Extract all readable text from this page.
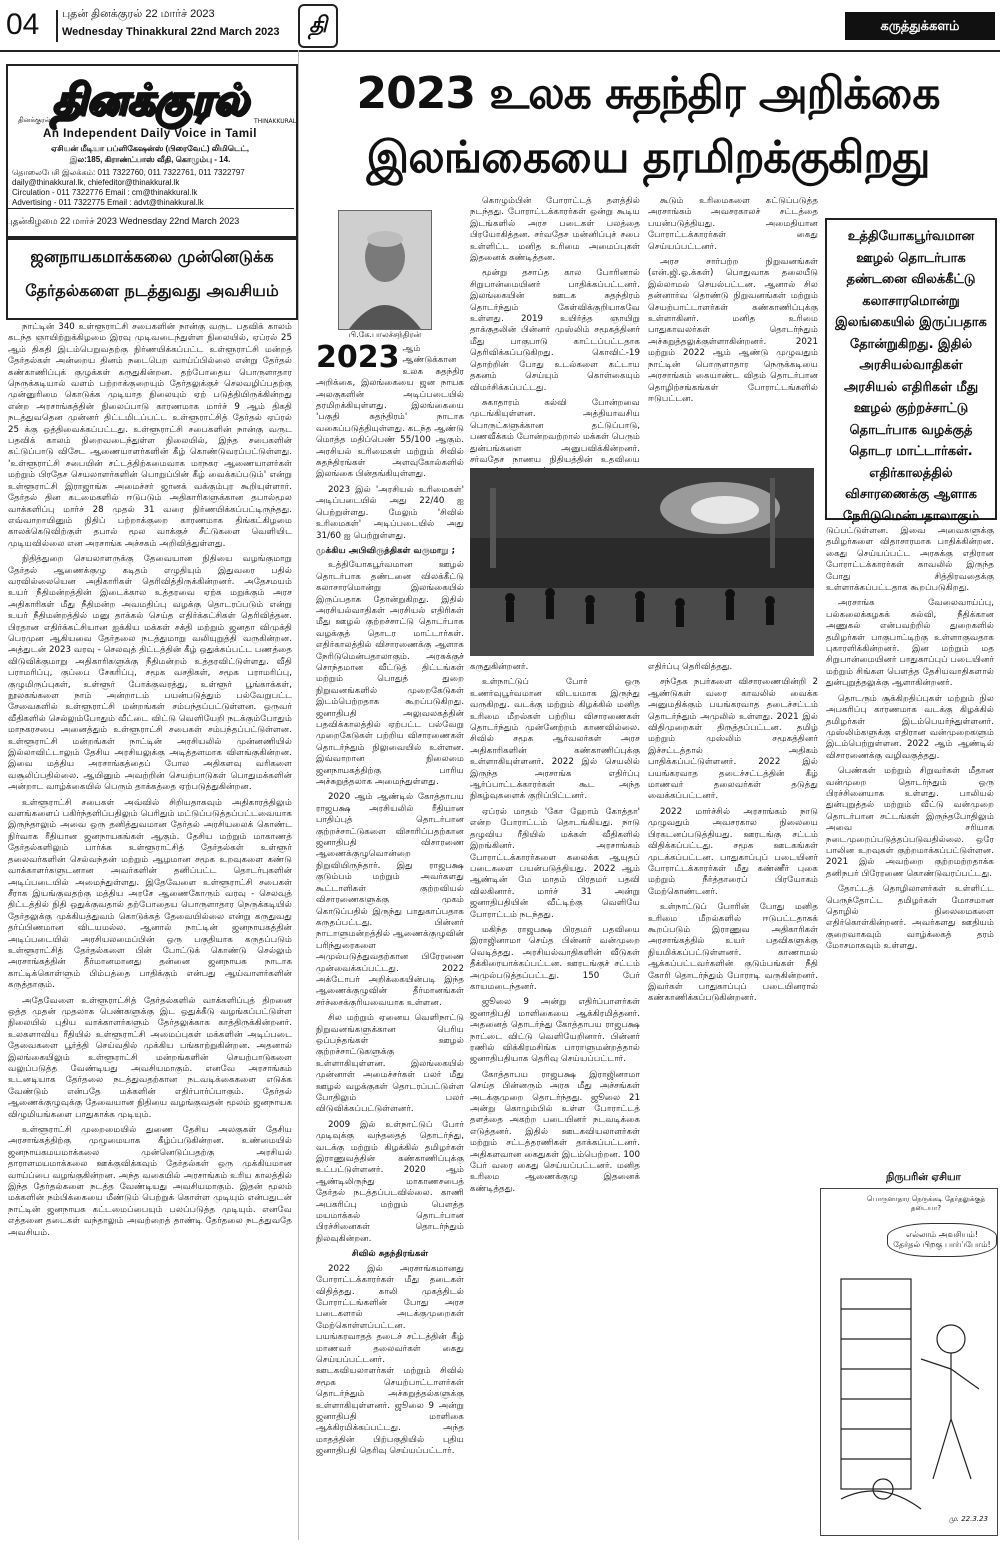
04 புதன் தினக்குரல் 22 மார்ச் 2023
Wednesday Thinakkural 22nd March 2023	தி	கருத்துக்களம்
தினக்குரல்
தினக்குரல்	THINAKKURAL
An Independent Daily Voice in Tamil
ஏசியன் மீடியா பப்ளிகேஷன்ஸ் (பிரைவேட்) லிமிடெட்,
இல:185, கிராண்ட்பாஸ் வீதி, கொழும்பு - 14.
தொலைபேசி இலக்கம்: 011 7322760, 011 7322761, 011 7322797
daily@thinakkural.lk, chiefeditor@thinakkural.lk
Circulation - 011 7322776 Email : cm@thinakkural.lk
Advertising - 011 7322775 Email : advt@thinakkural.lk
புதன்கிழமை 22 மார்ச் 2023 Wednesday 22nd March 2023
ஜனநாயகமாக்கலை முன்னெடுக்க
தேர்தல்களை நடத்துவது அவசியம்

நாட்டின் 340 உள்ளூராட்சி சபைகளின் நான்கு வருட பதவிக் காலம் கடந்த ஞாயிற்றுக்கிழமை இரவு முடிவடைந்துள்ள நிலையில், ஏப்ரல் 25 ஆம் திகதி இடம்பெறுவதற்கு நிர்ணயிக்கப்பட்ட உள்ளூராட்சி மன்றத் தேர்தல்கள் அன்றைய தினம் நடைபெற வாய்ப்பில்லை என்று தேர்தல் கண்காணிப்புக் குழுக்கள் கருதுகின்றன. தற்போதைய பொருளாதார நெருக்கடியால் வளம் பற்றாக்குறையும் தேர்தலுக்குச் செலவழிப்பதற்கு முன்னுரிமை கொடுக்க முடியாத நிலையும் ஏற் படுத்தியிருக்கின்றது என்ற அரசாங்கத்தின் நிலைப்பாடு காரணமாக மார்ச் 9 ஆம் திகதி நடத்துவதென முன்னர் திட்டமிடப்பட்ட உள்ளூராட்சித் தேர்தல் ஏப்ரல் 25 க்கு ஒத்திவைக்கப்பட்டது. உள்ளூராட்சி சபைகளின் நான்கு வருட பதவிக் காலம் நிறைவடைந்துள்ள நிலையில், இந்த சபைகளின் கட்டுப்பாடு விசேட ஆணையாளர்களின் கீழ் கொண்டுவரப்பட்டுள்ளது. 'உள்ளூராட்சி சபையின் சட்டத்திற்கமைவாக மாநகர ஆணையாளர்கள் மற்றும் பிரதேச செயலாளர்களின் பொறுப்பின் கீழ் வைக்கப்படும்' என்று உள்ளூராட்சி இராஜாங்க அமைச்சர் ஜானக் வக்கும்புர கூறியுள்ளார். தேர்தல் தின கடமைகளில் ஈடுபடும் அதிகாரிகளுக்கான தபால்மூல வாக்களிப்பு மார்ச் 28 முதல் 31 வரை நிர்ணயிக்கப்பட்டிருந்தது. எவ்வாறாயினும் நிதிப் பற்றாக்குறை காரணமாக திங்கட்கிழமை காலக்கெடுவிற்குள் தபால் மூல வாக்குச் சீட்டுகளை வெளியிட முடியவில்லை என அரசாங்க அச்சகம் அறிவித்துள்ளது.

நிதித்துறை செயலாளருக்கு தேவையான நிதியை வழங்குமாறு தேர்தல் ஆணைக்குழு கடிதம் எழுதியும் இதுவரை பதில் வரவில்லையென அதிகாரிகள் தெரிவித்திருக்கின்றனர். அதேசமயம் உயர் நீதிமன்றத்தின் இடைக்கால உத்தரவை ஏற்க மறுக்கும் அரச அதிகாரிகள் மீது நீதிமன்ற அவமதிப்பு வழக்கு தொடரப்படும் என்று உயர் நீதிமன்றத்தில் மனு தாக்கல் செய்த எதிர்க்கட்சிகள் தெரிவித்தன. பிரதான எதிர்க்கட்சியான ஐக்கிய மக்கள் சக்தி மற்றும் ஜனதா விமுக்தி பெரமுன ஆகியவை தேர்தலை நடத்துமாறு வலியுறுத்தி வருகின்றன. அத்துடன் 2023 வரவு - செலவுத் திட்டத்தின் கீழ் ஒதுக்கப்பட்ட பணத்தை விடுவிக்குமாறு அதிகாரிகளுக்கு நீதிமன்றம் உத்தரவிட்டுள்ளது. வீதி பராமரிப்பு, குப்பை சேகரிப்பு, சமூக வசதிகள், சமூக பராமரிப்பு, குழுமிருப்புகள், உள்ளூர் போக்குவரத்து, உள்ளூர் பூங்காக்கள், நூலகங்களை நாம் அன்றாடம் பயன்படுத்தும் பல்வேறுபட்ட சேவைகளில் உள்ளூராட்சி மன்றங்கள் சம்பந்தப்பட்டுள்ளன. ஒருவர் வீதிகளில் செல்லும்போதும் வீட்டை விட்டு வெளியேறி நடக்கும்போதும் மாநகரசபை அனைத்தும் உள்ளூராட்சி சபைகள் சம்பந்தப்பட்டுள்ளன. உள்ளூராட்சி மன்றங்கள் நாட்டின் அரசியலில் முன்னணியில் இல்லாவிட்டாலும் தேசிய அரசியலுக்கு அடித்தளமாக விளங்குகின்றன. இவை மத்திய அரசாங்கத்தைப் போல அதிகளவு வரிகளை வசூலிப்பதில்லை. ஆயினும் அவற்றின் செயற்பாடுகள் பொதுமக்களின் அன்றாட வாழ்க்கையில் பெரும் தாக்கத்தை ஏற்படுத்துகின்றன.

உள்ளூராட்சி சபைகள் அவ்வில் சிறியதாகவும் அதிகாரத்திலும் வளங்களைப் பகிர்ந்தளிப்பதிலும் பெரிதும் மட்டுப்படுத்தப்பட்டவையாக இருந்தாலும் அவை ஒரு தனித்துவமான தேர்தல் அரசியலைக் கொண்ட நிர்வாக ரீதியான ஜனநாயகங்கள் ஆகும். தேசிய மற்றும் மாகாணத் தேர்தல்களிலும் பார்க்க உள்ளூராட்சித் தேர்தல்கள் உள்ளூர் தலைவர்களின் செல்வந்தன் மற்றும் ஆழமான சமூக உறவுகளை கண்டு வாக்காளர்களுடனான அவர்களின் தனிப்பட்ட தொடர்புகளின் அடிப்படையில் அமைந்துள்ளது. இதேவேளை உள்ளூராட்சி சபைகள் சீராக இயங்குவதற்கு மத்திய அரசே ஆணைகோரும் வரவு - செலவுத் திட்டத்தில் நிதி ஒதுக்குவதால் தற்போதைய பொருளாதார நெருக்கடியில் தேர்தலுக்கு முக்கியத்துவம் கொடுக்கத் தேவையில்லை என்று கருதுவது தர்ப்பிணமான விடயமல்ல. ஆனால் நாட்டின் ஜனநாயகத்தின் அடிப்படையில் அரசியலமைப்பின் ஒரு பகுதியாக கருதப்படும் உள்ளூராட்சித் தேர்தல்களை பின் போட்டுக் கொண்டு செல்லும் அரசாங்கத்தின் தீர்மானமானது தன்னை ஜனநாயக நாடாக காட்டிக்கொள்ளும் பிம்பத்தை பாதிக்கும் என்பது ஆய்வாளர்களின் கருத்தாகும்.

அதேவேளை உள்ளூராட்சித் தேர்தல்களில் வாக்களிப்புத் திறனை ஒத்த முதன் முதலாக பெண்களுக்கு இட ஒதுக்கீடு வழங்கப்பட்டுள்ள நிலையில் புதிய வாக்காளர்களும் தேர்தலுக்காக காத்திருக்கின்றனர். உலகளாவிய ரீதியில் உள்ளூராட்சி அமைப்புகள் மக்களின் அடிப்படை தேவைகளை பூர்த்தி செய்வதில் முக்கிய பங்காற்றுகின்றன. அதனால் இலங்கையிலும் உள்ளூராட்சி மன்றங்களின் செயற்பாடுகளை வலுப்படுத்த வேண்டியது அவசியமாகும். எனவே அரசாங்கம் உடனடியாக தேர்தலை நடத்துவதற்கான நடவடிக்கைகளை எடுக்க வேண்டும் என்பதே மக்களின் எதிர்பார்ப்பாகும். தேர்தல் ஆணைக்குழுவுக்கு தேவையான நிதியை வழங்குவதன் மூலம் ஜனநாயக விழுமியங்களை பாதுகாக்க முடியும்.

உள்ளூராட்சி முறைமையில் துணை தேசிய அலகுகள் தேசிய அரசாங்கத்திற்கு முழுமையாக கீழ்ப்படுகின்றன. உண்மையில் ஜனநாயகமயமாக்கலை முன்னெடுப்பதற்கு அரசியல் தாராளமயமாக்கலை ஊக்குவிக்கவும் தேர்தல்கள் ஒரு முக்கியமான வாய்ப்பை வழங்குகின்றன. அந்த வகையில் அரசாங்கம் உரிய காலத்தில் இந்த தேர்தல்களை நடத்த வேண்டியது அவசியமாகும். இதன் மூலம் மக்களின் நம்பிக்கையை மீண்டும் பெற்றுக் கொள்ள முடியும் என்பதுடன் நாட்டின் ஜனநாயக கட்டமைப்பையும் பலப்படுத்த முடியும். எனவே எத்தனை தடைகள் வந்தாலும் அவற்றைத் தாண்டி தேர்தலை நடத்துவதே அவசியம்.

2023 உலக சுதந்திர அறிக்கை
இலங்கையை தரமிறக்குகிறது
பி.கே.பாலச்சந்திரன்

2023 ஆம் ஆண்டுக்கான உலக சுதந்திர அறிக்கை, இலங்கையை ஜன நாயக அலகுகளின் அடிப்படையில் தரமிறக்கியுள்ளது. இலங்கையை 'பகுதி சுதந்திரம்' நாடாக வகைப்படுத்தியுள்ளது. கடந்த ஆண்டு மொத்த மதிப்பெண் 55/100 ஆகும். அரசியல் உரிமைகள் மற்றும் சிவில் சுதந்திரங்கள் அளவுகோல்களில் இலங்கை பின்தங்கியுள்ளது.

2023 இல் 'அரசியல் உரிமைகள்' அடிப்படையில் அது 22/40 ஐ பெற்றுள்ளது. மேலும் 'சிவில் உரிமைகள்' அடிப்படையில் அது 31/60 ஐ பெற்றுள்ளது.

முக்கிய அபிவிருத்திகள் வருமாறு ;

உத்தியோகபூர்வமான ஊழல் தொடர்பாக தண்டனை விலக்கீட்டு கலாசாரமொன்று இலங்கையில் இருப்பதாக தோன்றுகிறது. இதில் அரசியல்வாதிகள் அரசியல் எதிரிகள் மீது ஊழல் குற்றச்சாட்டு தொடர்பாக வழக்குத் தொடர மாட்டார்கள். எதிர்காலத்தில் விசாரணைக்கு ஆளாக நேரிடுமென்பதாலாகும். அரசுக்குச் சொந்தமான வீட்டுத் திட்டங்கள் மற்றும் பொதுத் துறை நிறுவனங்களில் முறைகேடுகள் இடம்பெற்றதாக கூறப்படுகிறது. ஜனாதிபதி அலுவலகத்தின் பதவிக்காலத்தில் ஏற்பட்ட பல்வேறு முறைகேடுகள் பற்றிய விசாரணைகள் தொடர்ந்தும் நிலுவையில் உள்ளன. இவ்வாறான நிலைமை ஜனநாயகத்திற்கு பாரிய அச்சுறுத்தலாக அமைந்துள்ளது.

2020 ஆம் ஆண்டில் கோத்தாபய ராஜபக்ஷ அரசியலில் ரீதியான பாதிப்புத் தொடர்பான குற்றச்சாட்டுகளை விசாரிப்பதற்கான ஜனாதிபதி விசாரணை ஆணைக்குழுவொன்றை நிறுவியிருந்தார். இது ராஜபக்ஷ குடும்பம் மற்றும் அவர்களது கூட்டாளிகள் குற்றவியல் விசாரணைகளுக்கு முகம் கொடுப்பதில் இருந்து பாதுகாப்பதாக கருதப்பட்டது. பின்னர் நாடாளுமன்றத்தில் ஆணைக்குழுவின் பரிந்துரைகளை அமுல்படுத்துவதற்கான பிரேரணை முன்வைக்கப்பட்டது. 2022 அக்டோபர் அறிக்கையின்படி இந்த ஆணைக்குழுவின் தீர்மானங்கள் சர்ச்சைக்குரியவையாக உள்ளன.

சில மற்றும் ஏனைய வெளிநாட்டு நிறுவனங்களுக்கான பெரிய ஒப்பந்தங்கள் ஊழல் குற்றச்சாட்டுகளுக்கு உள்ளாகியுள்ளன. இலங்கையில் முன்னாள் அமைச்சர்கள் பலர் மீது ஊழல் வழக்குகள் தொடரப்பட்டுள்ள போதிலும் பலர் விடுவிக்கப்பட்டுள்ளனர்.

2009 இல் உள்நாட்டுப் போர் முடிவுக்கு வந்ததைத் தொடர்ந்து, வடக்கு மற்றும் கிழக்கில் தமிழர்கள் இராணுவத்தின் கண்காணிப்புக்கு உட்பட்டுள்ளனர். 2020 ஆம் ஆண்டிலிருந்து மாகாணசபைத் தேர்தல் நடத்தப்படவில்லை. காணி அபகரிப்பு மற்றும் பௌத்த மயமாக்கல் தொடர்பான பிரச்சினைகள் தொடர்ந்தும் நிலவுகின்றன.

சிவில் சுதந்திரங்கள்

2022 இல் அரசாங்கமானது போராட்டக்காரர்கள் மீது தடைகள் விதித்தது. காலி முகத்திடல் போராட்டங்களின் போது அரச படைகளால் அடக்குமுறைகள் மேற்கொள்ளப்பட்டன. பயங்கரவாதத் தடைச் சட்டத்தின் கீழ் மாணவர் தலைவர்கள் கைது செய்யப்பட்டனர். ஊடகவியலாளர்கள் மற்றும் சிவில் சமூக செயற்பாட்டாளர்கள் தொடர்ந்தும் அச்சுறுத்தல்களுக்கு உள்ளாகியுள்ளனர். ஜூலை 9 அன்று ஜனாதிபதி மாளிகை ஆக்கிரமிக்கப்பட்டது. அந்த மாதத்தின் பிற்பகுதியில் புதிய ஜனாதிபதி தெரிவு செய்யப்பட்டார்.

கொழும்பின் போராட்டத் தளத்தில் நடந்தது. போராட்டக்காரர்கள் ஒன்று கூடிய இடங்களில் அரச படைகள் பலத்தை பிரயோகித்தன. சர்வதேச மன்னிப்புச் சபை உள்ளிட்ட மனித உரிமை அமைப்புகள் இதனைக் கண்டித்தன.

மூன்று தசாப்த கால போரினால் சிறுபான்மையினர் பாதிக்கப்பட்டனர். இலங்கையின் ஊடக சுதந்திரம் தொடர்ந்தும் கேள்விக்குறியாகவே உள்ளது. 2019 உயிர்த்த ஞாயிறு தாக்குதலின் பின்னர் முஸ்லிம் சமூகத்தினர் மீது பாகுபாடு காட்டப்பட்டதாக தெரிவிக்கப்படுகிறது. கொவிட்-19 தொற்றின் போது உடல்களை கட்டாய தகனம் செய்யும் கொள்கையும் விமர்சிக்கப்பட்டது.

சுகாதாரம் கல்வி போன்றவை முடங்கியுள்ளன. அத்தியாவசிய பொருட்களுக்கான தட்டுப்பாடு, பணவீக்கம் போன்றவற்றால் மக்கள் பெரும் துன்பங்களை அனுபவிக்கின்றனர். சர்வதேச நாணய நிதியத்தின் உதவியை

கூடும் உரிமைகளை கட்டுப்படுத்த அரசாங்கம் அவசரகாலச் சட்டத்தை பயன்படுத்தியது. அமைதியான போராட்டக்காரர்கள் கைது செய்யப்பட்டனர்.

அரச சார்பற்ற நிறுவனங்கள் (என்.ஜி.ஓ.க்கள்) பொதுவாக தலையீடு இல்லாமல் செயல்பட்டன. ஆனால் சில தன்னார்வ தொண்டு நிறுவனங்கள் மற்றும் செயற்பாட்டாளர்கள் கண்காணிப்புக்கு உள்ளாகினர். மனித உரிமை பாதுகாவலர்கள் தொடர்ந்தும் அச்சுறுத்தலுக்குள்ளாகின்றனர். 2021 மற்றும் 2022 ஆம் ஆண்டு முழுவதும் நாட்டின் பொருளாதார நெருக்கடியை அரசாங்கம் கையாண்ட விதம் தொடர்பான தொழிற்சங்கங்கள் போராட்டங்களில் ஈடுபட்டன.

உத்தியோகபூர்வமான ஊழல் தொடர்பாக தண்டனை விலக்கீட்டு கலாசாரமொன்று இலங்கையில் இருப்பதாக தோன்றுகிறது. இதில் அரசியல்வாதிகள் அரசியல் எதிரிகள் மீது ஊழல் குற்றச்சாட்டு தொடர்பாக வழக்குத் தொடர மாட்டார்கள். எதிர்காலத்தில் விசாரணைக்கு ஆளாக நேரிடுமென்பதாலாகும்

கருதுகின்றனர்.

உள்நாட்டுப் போர் ஒரு உணர்வுபூர்வமான விடயமாக இருந்து வருகிறது. வடக்கு மற்றும் கிழக்கில் மனித உரிமை மீறல்கள் பற்றிய விசாரணைகள் தொடர்ந்தும் முன்னேற்றம் காணவில்லை. சிவில் சமூக ஆர்வலர்கள் அரச அதிகாரிகளின் கண்காணிப்புக்கு உள்ளாகியுள்ளனர். 2022 இல் செயலில் இருந்த அரசாங்க எதிர்ப்பு ஆர்ப்பாட்டக்காரர்கள் கூட அந்த நிகழ்வுகளைக் குறிப்பிட்டனர்.

ஏப்ரல் மாதம் 'கோ ஹோம் கோத்தா' என்ற போராட்டம் தொடங்கியது. நாடு தழுவிய ரீதியில் மக்கள் வீதிகளில் இறங்கினர். அரசாங்கம் போராட்டக்காரர்களை கலைக்க ஆயுதப் படைகளை பயன்படுத்தியது. 2022 ஆம் ஆண்டின் மே மாதம் பிரதமர் பதவி விலகினார். மார்ச் 31 அன்று ஜனாதிபதியின் வீட்டிற்கு வெளியே போராட்டம் நடந்தது.

மகிந்த ராஜபக்ஷ பிரதமர் பதவியை இராஜினாமா செய்த பின்னர் வன்முறை வெடித்தது. அரசியல்வாதிகளின் வீடுகள் தீக்கிரையாக்கப்பட்டன. ஊரடங்குச் சட்டம் அமுல்படுத்தப்பட்டது. 150 பேர் காயமடைந்தனர்.

ஜூலை 9 அன்று எதிர்ப்பாளர்கள் ஜனாதிபதி மாளிகையை ஆக்கிரமித்தனர். அதனைத் தொடர்ந்து கோத்தாபய ராஜபக்ஷ நாட்டை விட்டு வெளியேறினார். பின்னர் ரணில் விக்கிரமசிங்க பாராளுமன்றத்தால் ஜனாதிபதியாக தெரிவு செய்யப்பட்டார்.

கோத்தாபய ராஜபக்ஷ இராஜினாமா செய்த பின்னரும் அரசு மீது அச்சங்கள் அடக்குமுறை தொடர்ந்தது. ஜூலை 21 அன்று கொழும்பில் உள்ள போராட்டத் தளத்தை அகற்ற படையினர் நடவடிக்கை எடுத்தனர். இதில் ஊடகவியலாளர்கள் மற்றும் சட்டத்தரணிகள் தாக்கப்பட்டனர். அதிகளவான கைதுகள் இடம்பெற்றன. 100 பேர் வரை கைது செய்யப்பட்டனர். மனித உரிமை ஆணைக்குழு இதனைக் கண்டித்தது.

எதிர்ப்பு தெரிவித்தது.

சந்தேக நபர்களை விசாரணையின்றி 2 ஆண்டுகள் வரை காவலில் வைக்க அனுமதிக்கும் பயங்கரவாத தடைச்சட்டம் தொடர்ந்தும் அமுலில் உள்ளது. 2021 இல் விதிமுறைகள் திருத்தப்பட்டன. தமிழ் மற்றும் முஸ்லிம் சமூகத்தினர் இச்சட்டத்தால் அதிகம் பாதிக்கப்பட்டுள்ளனர். 2022 இல் பயங்கரவாத தடைச்சட்டத்தின் கீழ் மாணவர் தலைவர்கள் தடுத்து வைக்கப்பட்டனர்.

2022 மார்ச்சில் அரசாங்கம் நாடு முழுவதும் அவசரகால நிலையை பிரகடனப்படுத்தியது. ஊரடங்கு சட்டம் விதிக்கப்பட்டது. சமூக ஊடகங்கள் முடக்கப்பட்டன. பாதுகாப்புப் படையினர் போராட்டக்காரர்கள் மீது கண்ணீர் புகை மற்றும் நீர்த்தாரைப் பிரயோகம் மேற்கொண்டனர்.

உள்நாட்டுப் போரின் போது மனித உரிமை மீறல்களில் ஈடுபட்டதாகக் கூறப்படும் இராணுவ அதிகாரிகள் அரசாங்கத்தில் உயர் பதவிகளுக்கு நியமிக்கப்பட்டுள்ளனர். காணாமல் ஆக்கப்பட்டவர்களின் குடும்பங்கள் நீதி கோரி தொடர்ந்தும் போராடி வருகின்றனர். இவர்கள் பாதுகாப்புப் படையினரால் கண்காணிக்கப்படுகின்றனர்.

டுப்பட்டுள்ளன. இவை அவைகளுக்கு தமிழர்களை விதாசாரமாக பாதிக்கின்றன. கைது செய்யப்பட்ட அரசுக்கு எதிரான போராட்டக்காரர்கள் காவலில் இருந்த போது சித்திரவதைக்கு உள்ளாக்கப்பட்டதாக கூறப்படுகிறது.

அரசாங்க வேலைவாய்ப்பு, பல்கலைக்கழகக் கல்வி, நீதிக்கான அணுகல் என்பவற்றில் துறைகளில் தமிழர்கள் பாகுபாட்டிற்கு உள்ளாகுவதாக புகாரளிக்கின்றனர். இன மற்றும் மத சிறுபான்மையினர் பாதுகாப்புப் படையினர் மற்றும் சிங்கள பௌத்த தேசியவாதிகளால் துன்புறுத்தலுக்கு ஆளாகின்றனர்.

தொடரும் சூக்கிறதிப்புகள் மற்றும் நில அபகரிப்பு காரணமாக வடக்கு கிழக்கில் தமிழர்கள் இடம்பெயர்ந்துள்ளனர். முஸ்லிம்களுக்கு எதிரான வன்முறைகளும் இடம்பெற்றுள்ளன. 2022 ஆம் ஆண்டில் விசாரணைக்கு வழிவகுத்தது.

பெண்கள் மற்றும் சிறுவர்கள் மீதான வன்முறை தொடர்ந்தும் ஒரு பிரச்சினையாக உள்ளது. பாலியல் துன்புறுத்தல் மற்றும் வீட்டு வன்முறை தொடர்பான சட்டங்கள் இருந்தபோதிலும் அவை சரியாக நடைமுறைப்படுத்தப்படுவதில்லை. ஒரே பாலின உறவுகள் குற்றமாக்கப்பட்டுள்ளன. 2021 இல் அவற்றை குற்றமற்றதாக்க தனிநபர் பிரேரணை கொண்டுவரப்பட்டது.

தோட்டத் தொழிலாளர்கள் உள்ளிட்ட பெருந்தோட்ட தமிழர்கள் மோசமான தொழில் நிலைமைகளை எதிர்கொள்கின்றனர். அவர்களது ஊதியம் குறைவாகவும் வாழ்க்கைத் தரம் மோசமாகவும் உள்ளது.

நிருபரின் ஏசியா
பொருளாதார நெருக்கடி தேர்தலுக்குத் தடையா?
எல்லாம் அவசியம்! தேர்தல் பிறகு பார்ப்போம்!
மு. 22.3.23
